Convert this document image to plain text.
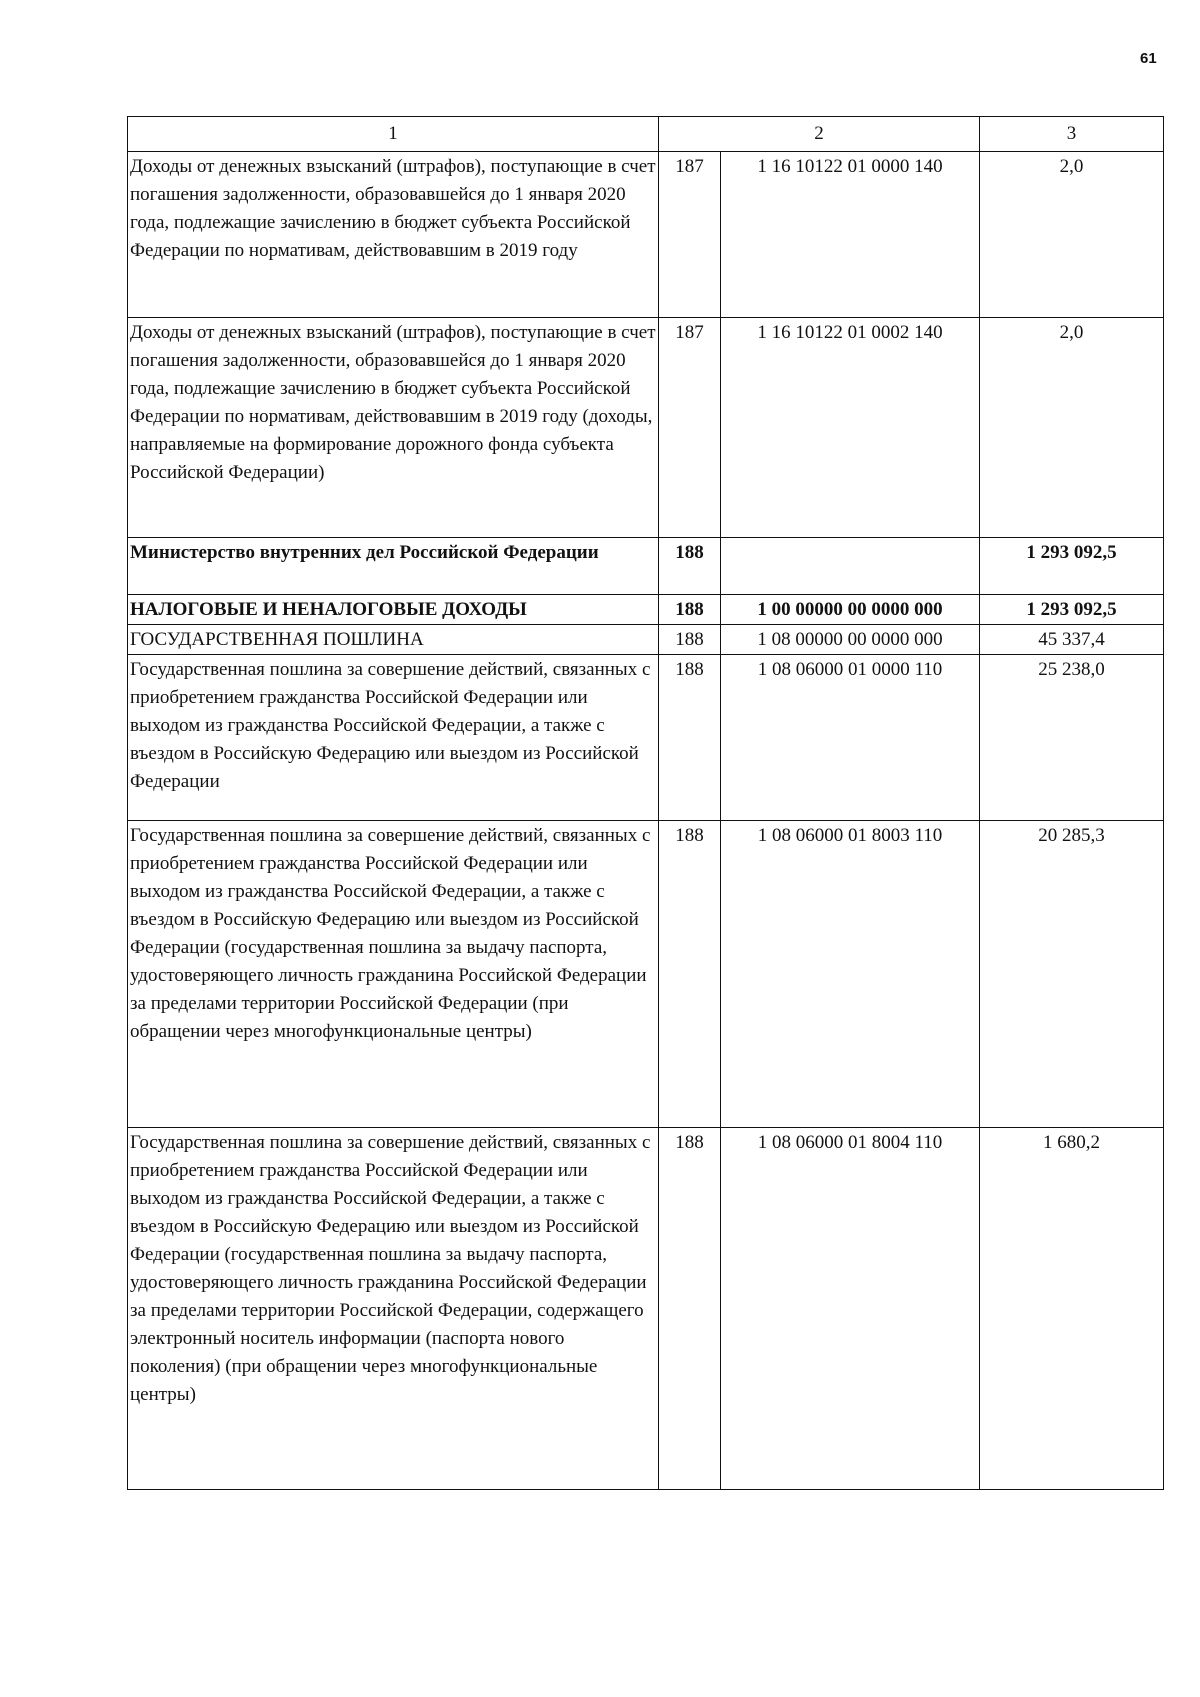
61
1	2		3
Доходы от денежных взысканий (штрафов), поступающие в счет погашения задолженности, образовавшейся до 1 января 2020 года, подлежащие зачислению в бюджет субъекта Российской Федерации по нормативам, действовавшим в 2019 году	187	1 16 10122 01 0000 140	2,0
Доходы от денежных взысканий (штрафов), поступающие в счет погашения задолженности, образовавшейся до 1 января 2020 года, подлежащие зачислению в бюджет субъекта Российской Федерации по нормативам, действовавшим в 2019 году (доходы, направляемые на формирование дорожного фонда субъекта Российской Федерации)	187	1 16 10122 01 0002 140	2,0
Министерство внутренних дел Российской Федерации	188		1 293 092,5
НАЛОГОВЫЕ И НЕНАЛОГОВЫЕ ДОХОДЫ	188	1 00 00000 00 0000 000	1 293 092,5
ГОСУДАРСТВЕННАЯ ПОШЛИНА	188	1 08 00000 00 0000 000	45 337,4
Государственная пошлина за совершение действий, связанных с приобретением гражданства Российской Федерации или выходом из гражданства Российской Федерации, а также с въездом в Российскую Федерацию или выездом из Российской Федерации	188	1 08 06000 01 0000 110	25 238,0
Государственная пошлина за совершение действий, связанных с приобретением гражданства Российской Федерации или выходом из гражданства Российской Федерации, а также с въездом в Российскую Федерацию или выездом из Российской Федерации (государственная пошлина за выдачу паспорта, удостоверяющего личность гражданина Российской Федерации за пределами территории Российской Федерации (при обращении через многофункциональные центры)	188	1 08 06000 01 8003 110	20 285,3
Государственная пошлина за совершение действий, связанных с приобретением гражданства Российской Федерации или выходом из гражданства Российской Федерации, а также с въездом в Российскую Федерацию или выездом из Российской Федерации (государственная пошлина за выдачу паспорта, удостоверяющего личность гражданина Российской Федерации за пределами территории Российской Федерации, содержащего электронный носитель информации (паспорта нового поколения) (при обращении через многофункциональные центры)	188	1 08 06000 01 8004 110	1 680,2
